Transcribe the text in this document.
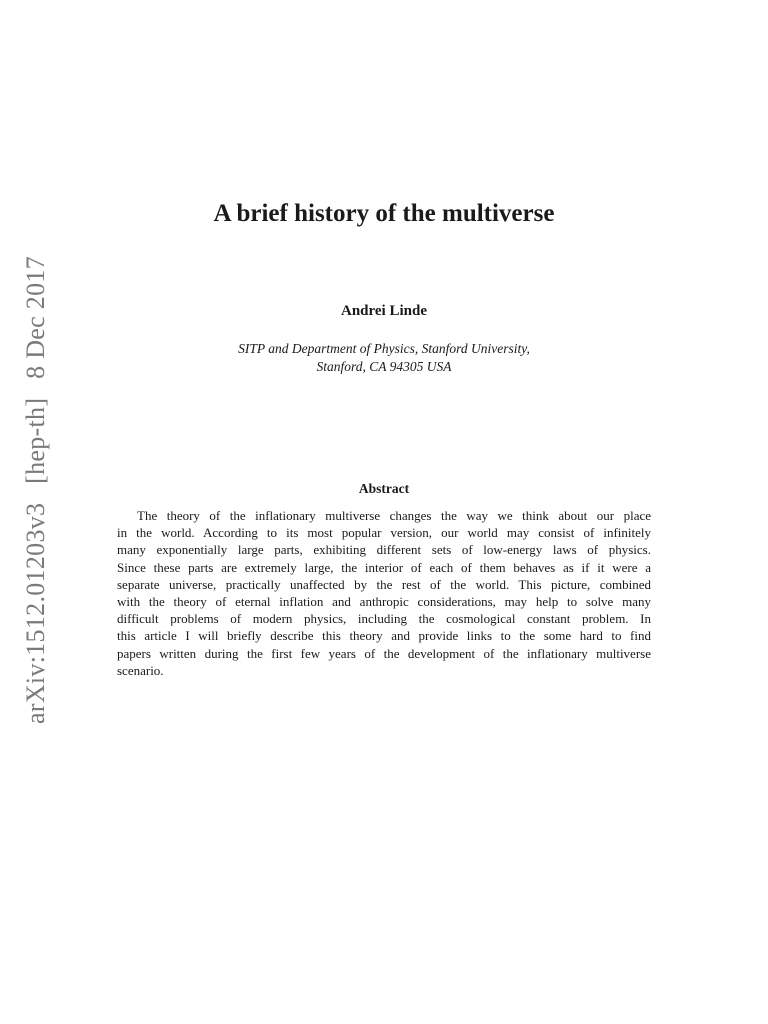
arXiv:1512.01203v3 [hep-th] 8 Dec 2017
A brief history of the multiverse
Andrei Linde
SITP and Department of Physics, Stanford University,
Stanford, CA 94305 USA
Abstract
The theory of the inflationary multiverse changes the way we think about our place
in the world. According to its most popular version, our world may consist of infinitely
many exponentially large parts, exhibiting different sets of low-energy laws of physics.
Since these parts are extremely large, the interior of each of them behaves as if it were a
separate universe, practically unaffected by the rest of the world. This picture, combined
with the theory of eternal inflation and anthropic considerations, may help to solve many
difficult problems of modern physics, including the cosmological constant problem. In
this article I will briefly describe this theory and provide links to the some hard to find
papers written during the first few years of the development of the inflationary multiverse
scenario.
